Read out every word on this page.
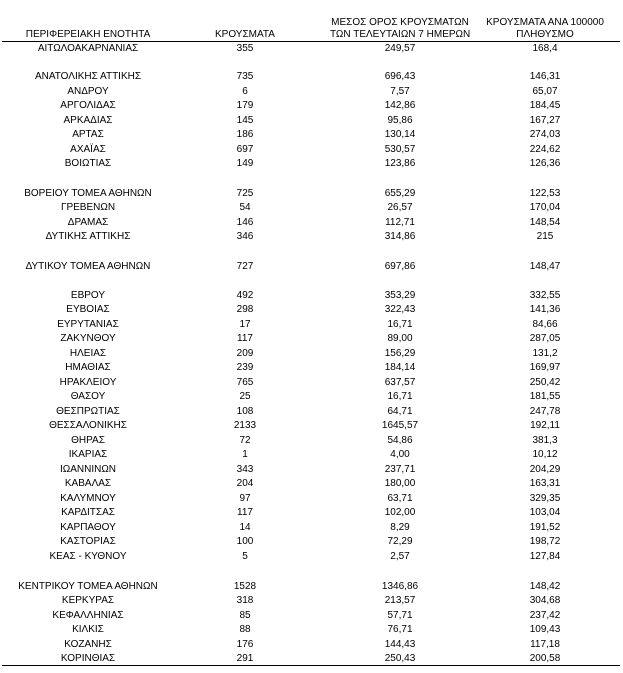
ΠΕΡΙΦΕΡΕΙΑΚΗ ΕΝΟΤΗΤΑ	ΚΡΟΥΣΜΑΤΑ
ΜΕΣΟΣ ΟΡΟΣ ΚΡΟΥΣΜΑΤΩΝ
ΤΩΝ ΤΕΛΕΥΤΑΙΩΝ 7 ΗΜΕΡΩΝ
ΚΡΟΥΣΜΑΤΑ ΑΝΑ 100000
ΠΛΗΘΥΣΜΟ
ΑΙΤΩΛΟΑΚΑΡΝΑΝΙΑΣ	355	249,57	168,4
ΑΝΑΤΟΛΙΚΗΣ ΑΤΤΙΚΗΣ	735	696,43	146,31
ΑΝΔΡΟΥ	6	7,57	65,07
ΑΡΓΟΛΙΔΑΣ	179	142,86	184,45
ΑΡΚΑΔΙΑΣ	145	95,86	167,27
ΑΡΤΑΣ	186	130,14	274,03
ΑΧΑΪΑΣ	697	530,57	224,62
ΒΟΙΩΤΙΑΣ	149	123,86	126,36
ΒΟΡΕΙΟΥ ΤΟΜΕΑ ΑΘΗΝΩΝ	725	655,29	122,53
ΓΡΕΒΕΝΩΝ	54	26,57	170,04
ΔΡΑΜΑΣ	146	112,71	148,54
ΔΥΤΙΚΗΣ ΑΤΤΙΚΗΣ	346	314,86	215
ΔΥΤΙΚΟΥ ΤΟΜΕΑ ΑΘΗΝΩΝ	727	697,86	148,47
ΕΒΡΟΥ	492	353,29	332,55
ΕΥΒΟΙΑΣ	298	322,43	141,36
ΕΥΡΥΤΑΝΙΑΣ	17	16,71	84,66
ΖΑΚΥΝΘΟΥ	117	89,00	287,05
ΗΛΕΙΑΣ	209	156,29	131,2
ΗΜΑΘΙΑΣ	239	184,14	169,97
ΗΡΑΚΛΕΙΟΥ	765	637,57	250,42
ΘΑΣΟΥ	25	16,71	181,55
ΘΕΣΠΡΩΤΙΑΣ	108	64,71	247,78
ΘΕΣΣΑΛΟΝΙΚΗΣ	2133	1645,57	192,11
ΘΗΡΑΣ	72	54,86	381,3
ΙΚΑΡΙΑΣ	1	4,00	10,12
ΙΩΑΝΝΙΝΩΝ	343	237,71	204,29
ΚΑΒΑΛΑΣ	204	180,00	163,31
ΚΑΛΥΜΝΟΥ	97	63,71	329,35
ΚΑΡΔΙΤΣΑΣ	117	102,00	103,04
ΚΑΡΠΑΘΟΥ	14	8,29	191,52
ΚΑΣΤΟΡΙΑΣ	100	72,29	198,72
ΚΕΑΣ - ΚΥΘΝΟΥ	5	2,57	127,84
ΚΕΝΤΡΙΚΟΥ ΤΟΜΕΑ ΑΘΗΝΩΝ	1528	1346,86	148,42
ΚΕΡΚΥΡΑΣ	318	213,57	304,68
ΚΕΦΑΛΛΗΝΙΑΣ	85	57,71	237,42
ΚΙΛΚΙΣ	88	76,71	109,43
ΚΟΖΑΝΗΣ	176	144,43	117,18
ΚΟΡΙΝΘΙΑΣ	291	250,43	200,58
